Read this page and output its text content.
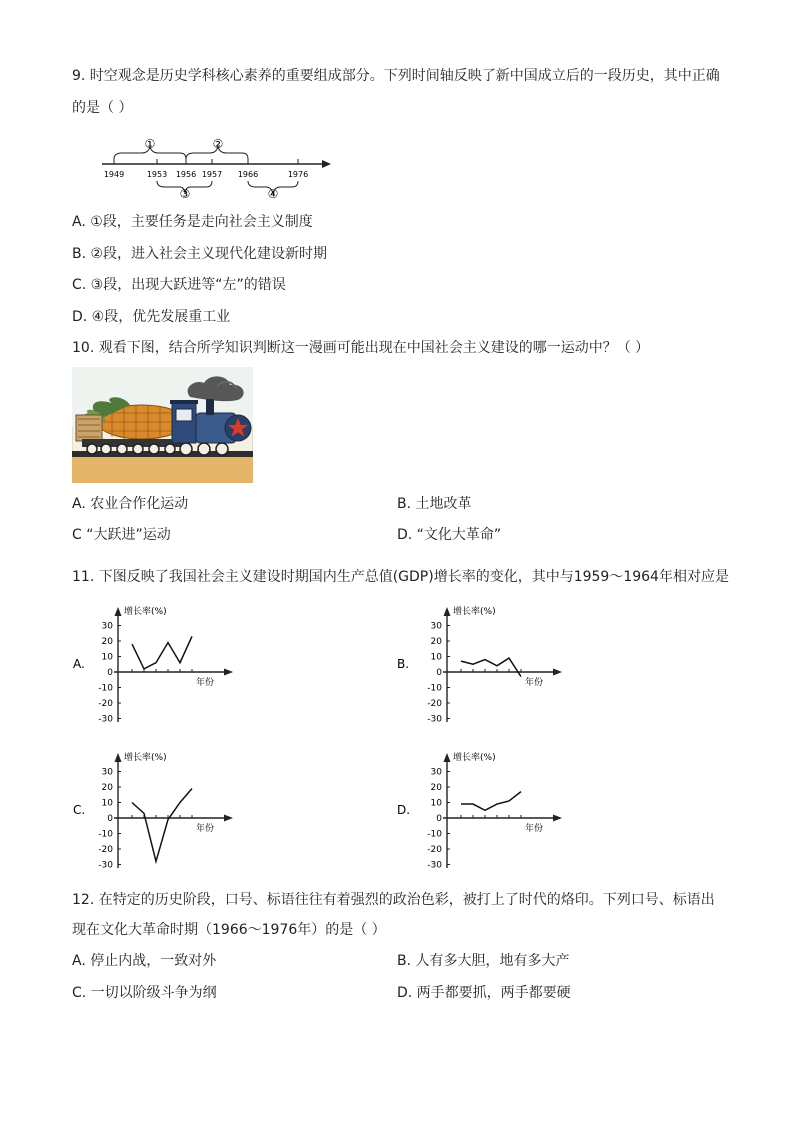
9. 时空观念是历史学科核心素养的重要组成部分。下列时间轴反映了新中国成立后的一段历史，其中正确
的是（ ）
1949	1953 1956 1957 1966	1976
①	②
③	④
A. ①段，主要任务是走向社会主义制度
B. ②段，进入社会主义现代化建设新时期
C. ③段，出现大跃进等“左”的错误
D. ④段，优先发展重工业
10. 观看下图，结合所学知识判断这一漫画可能出现在中国社会主义建设的哪一运动中？（ ）
A. 农业合作化运动	B. 土地改革
C “大跃进”运动	D. “文化大革命”
11. 下图反映了我国社会主义建设时期国内生产总值(GDP)增长率的变化，其中与1959～1964年相对应是
A.
30
20
10
0
-10
-20
-30
增长率(%)
年份
B.
30
20
10
0
-10
-20
-30
增长率(%)
年份
C.
30
20
10
0
-10
-20
-30
增长率(%)
年份
D.
30
20
10
0
-10
-20
-30
增长率(%)
年份
12. 在特定的历史阶段，口号、标语往往有着强烈的政治色彩，被打上了时代的烙印。下列口号、标语出
现在文化大革命时期（1966～1976年）的是（ ）
A. 停止内战，一致对外	B. 人有多大胆，地有多大产
C. 一切以阶级斗争为纲	D. 两手都要抓，两手都要硬
